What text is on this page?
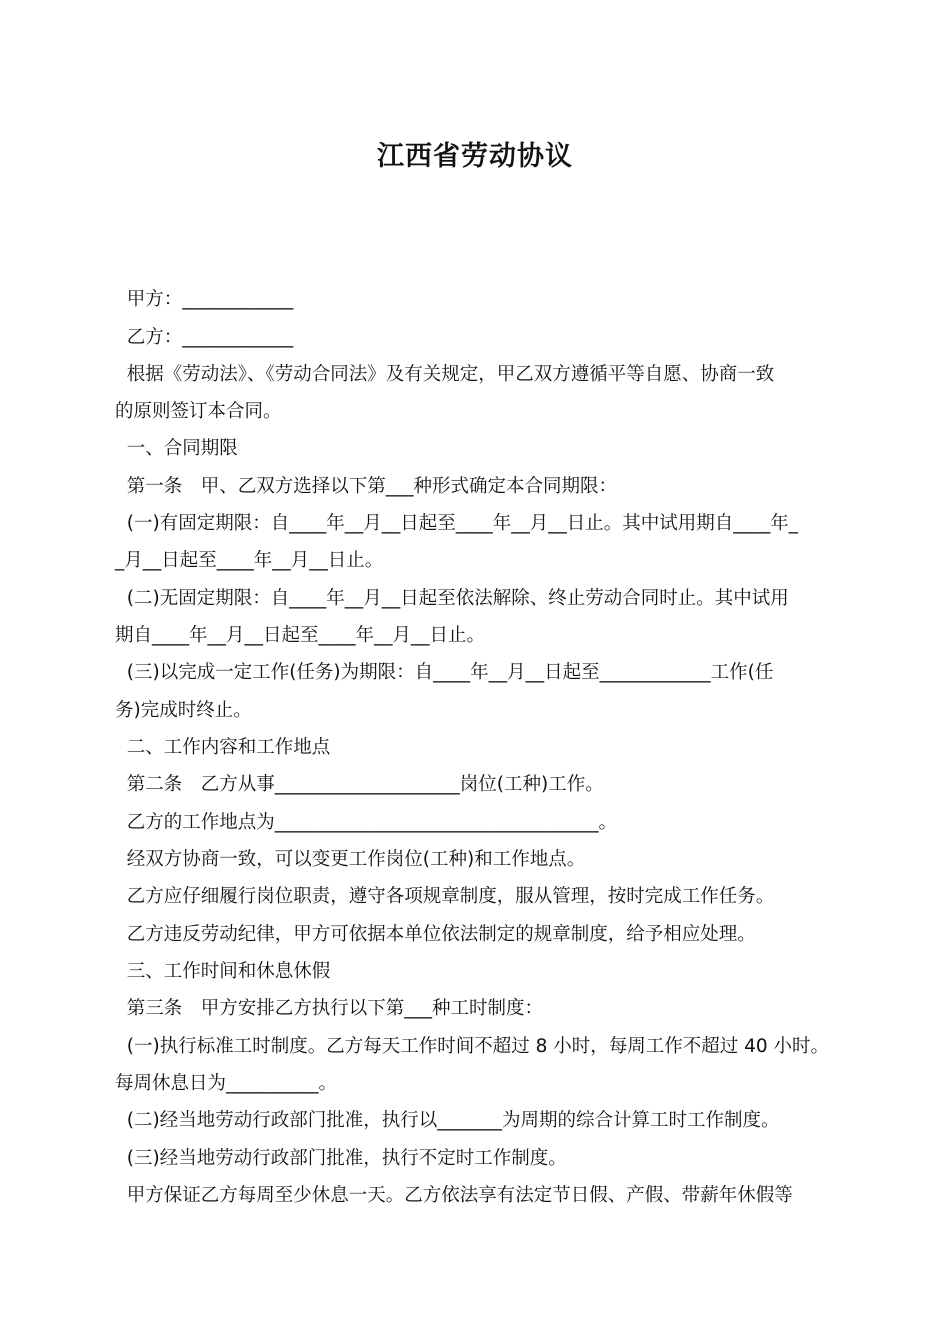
江西省劳动协议
甲方：____________
乙方：____________
根据《劳动法》、《劳动合同法》及有关规定，甲乙双方遵循平等自愿、协商一致
的原则签订本合同。
一、合同期限
第一条　甲、乙双方选择以下第___种形式确定本合同期限：
(一)有固定期限：自____年__月__日起至____年__月__日止。其中试用期自____年_
_月__日起至____年__月__日止。
(二)无固定期限：自____年__月__日起至依法解除、终止劳动合同时止。其中试用
期自____年__月__日起至____年__月__日止。
(三)以完成一定工作(任务)为期限：自____年__月__日起至____________工作(任
务)完成时终止。
二、工作内容和工作地点
第二条　乙方从事____________________岗位(工种)工作。
乙方的工作地点为___________________________________。
经双方协商一致，可以变更工作岗位(工种)和工作地点。
乙方应仔细履行岗位职责，遵守各项规章制度，服从管理，按时完成工作任务。
乙方违反劳动纪律，甲方可依据本单位依法制定的规章制度，给予相应处理。
三、工作时间和休息休假
第三条　甲方安排乙方执行以下第___种工时制度：
(一)执行标准工时制度。乙方每天工作时间不超过 8 小时，每周工作不超过 40 小时。
每周休息日为__________。
(二)经当地劳动行政部门批准，执行以_______为周期的综合计算工时工作制度。
(三)经当地劳动行政部门批准，执行不定时工作制度。
甲方保证乙方每周至少休息一天。乙方依法享有法定节日假、产假、带薪年休假等
